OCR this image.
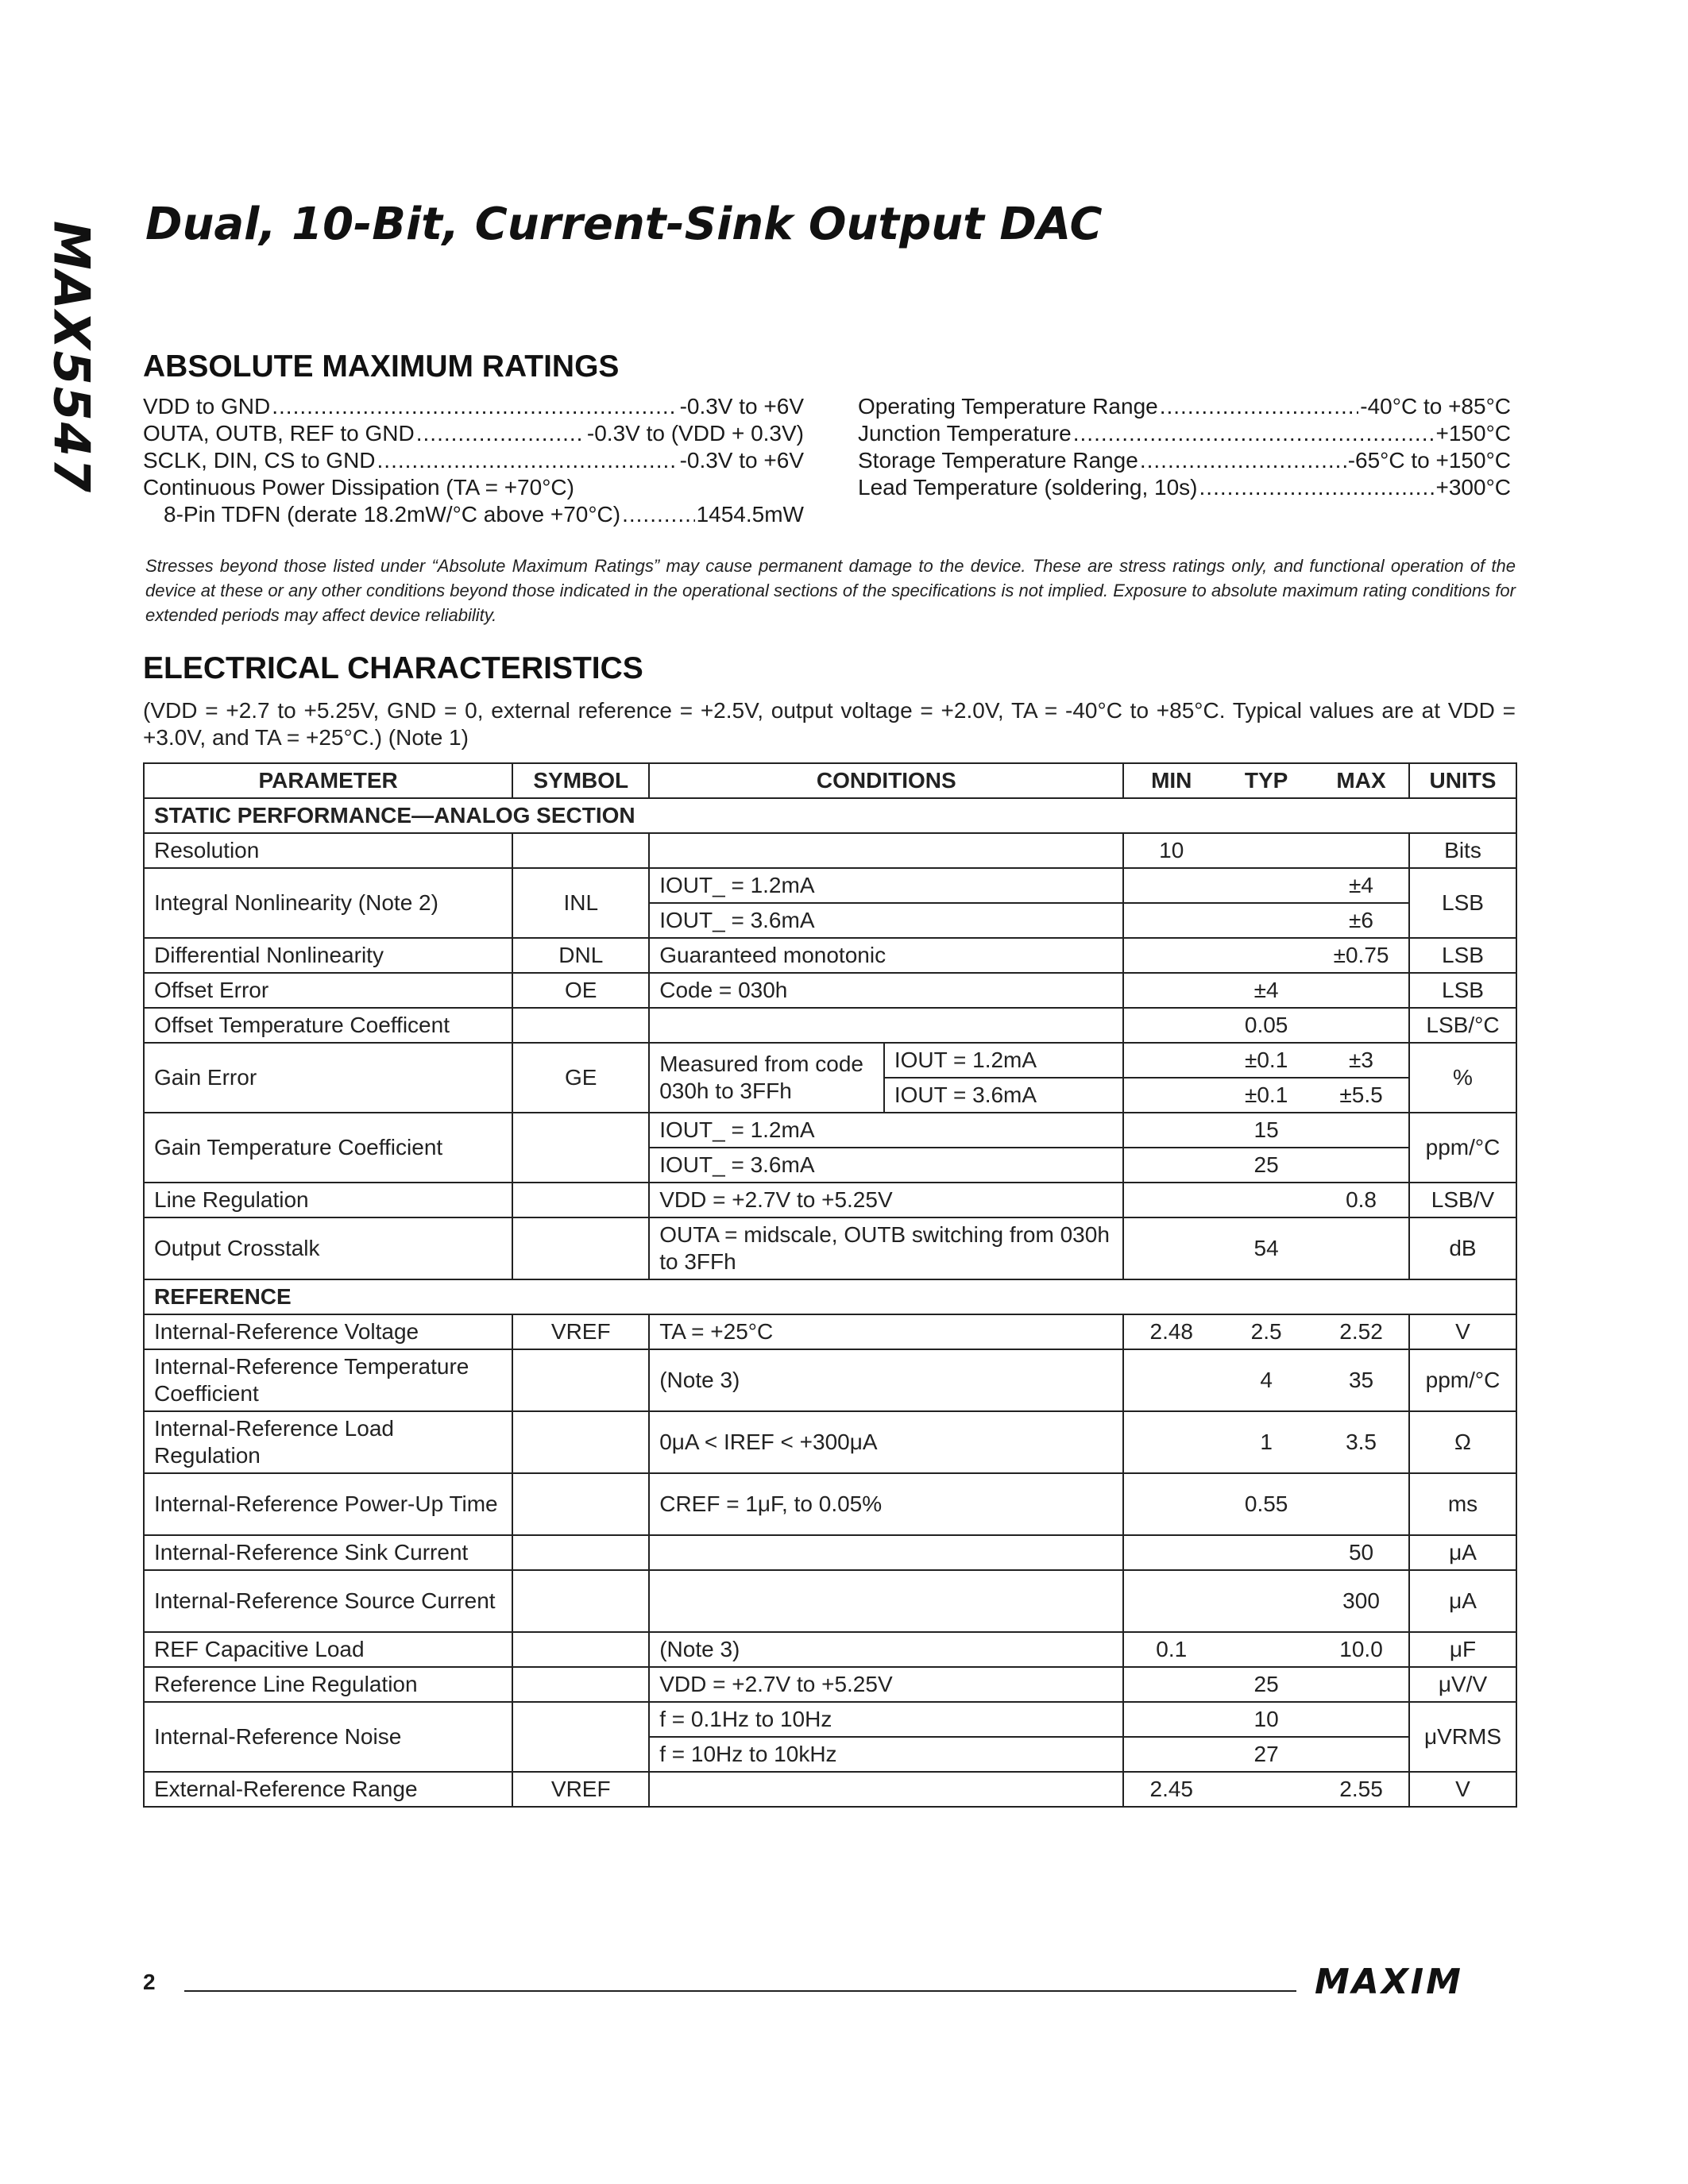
MAX5547 Dual, 10-Bit, Current-Sink Output DAC
ABSOLUTE MAXIMUM RATINGS
VDD to GND .....	-0.3V to +6V
OUTA, OUTB, REF to GND .....	-0.3V to (VDD + 0.3V)
SCLK, DIN, CS to GND .....	-0.3V to +6V
Continuous Power Dissipation (TA = +70°C)
8-Pin TDFN (derate 18.2mW/°C above +70°C) .....	1454.5mW
Operating Temperature Range .....	-40°C to +85°C
Junction Temperature .....	+150°C
Storage Temperature Range .....	-65°C to +150°C
Lead Temperature (soldering, 10s) .....	+300°C
Stresses beyond those listed under “Absolute Maximum Ratings” may cause permanent damage to the device. These are stress ratings only, and functional operation of the device at these or any other conditions beyond those indicated in the operational sections of the specifications is not implied. Exposure to absolute maximum rating conditions for extended periods may affect device reliability.
ELECTRICAL CHARACTERISTICS
(VDD = +2.7 to +5.25V, GND = 0, external reference = +2.5V, output voltage = +2.0V, TA = -40°C to +85°C. Typical values are at VDD = +3.0V, and TA = +25°C.) (Note 1)
PARAMETER	SYMBOL	CONDITIONS		MIN	TYP	MAX	UNITS
STATIC PERFORMANCE—ANALOG SECTION							
Resolution				10			Bits
Integral Nonlinearity (Note 2)	INL	IOUT_ = 1.2mA				±4	LSB
		IOUT_ = 3.6mA				±6	
Differential Nonlinearity	DNL	Guaranteed monotonic				±0.75	LSB
Offset Error	OE	Code = 030h			±4		LSB
Offset Temperature Coefficent					0.05		LSB/°C
Gain Error	GE	Measured from code 030h to 3FFh	IOUT = 1.2mA		±0.1	±3	%
			IOUT = 3.6mA		±0.1	±5.5	
Gain Temperature Coefficient		IOUT_ = 1.2mA			15		ppm/°C
		IOUT_ = 3.6mA			25		
Line Regulation		VDD = +2.7V to +5.25V				0.8	LSB/V
Output Crosstalk		OUTA = midscale, OUTB switching from 030h to 3FFh			54		dB
REFERENCE							
Internal-Reference Voltage	VREF	TA = +25°C		2.48	2.5	2.52	V
Internal-Reference Temperature Coefficient		(Note 3)			4	35	ppm/°C
Internal-Reference Load Regulation		0μA < IREF < +300μA			1	3.5	Ω
Internal-Reference Power-Up Time		CREF = 1μF, to 0.05%			0.55		ms
Internal-Reference Sink Current						50	μA
Internal-Reference Source Current						300	μA
REF Capacitive Load		(Note 3)		0.1		10.0	μF
Reference Line Regulation		VDD = +2.7V to +5.25V			25		μV/V
Internal-Reference Noise		f = 0.1Hz to 10Hz			10		μVRMS
		f = 10Hz to 10kHz			27		
External-Reference Range	VREF			2.45		2.55	V
2	MAXIM
